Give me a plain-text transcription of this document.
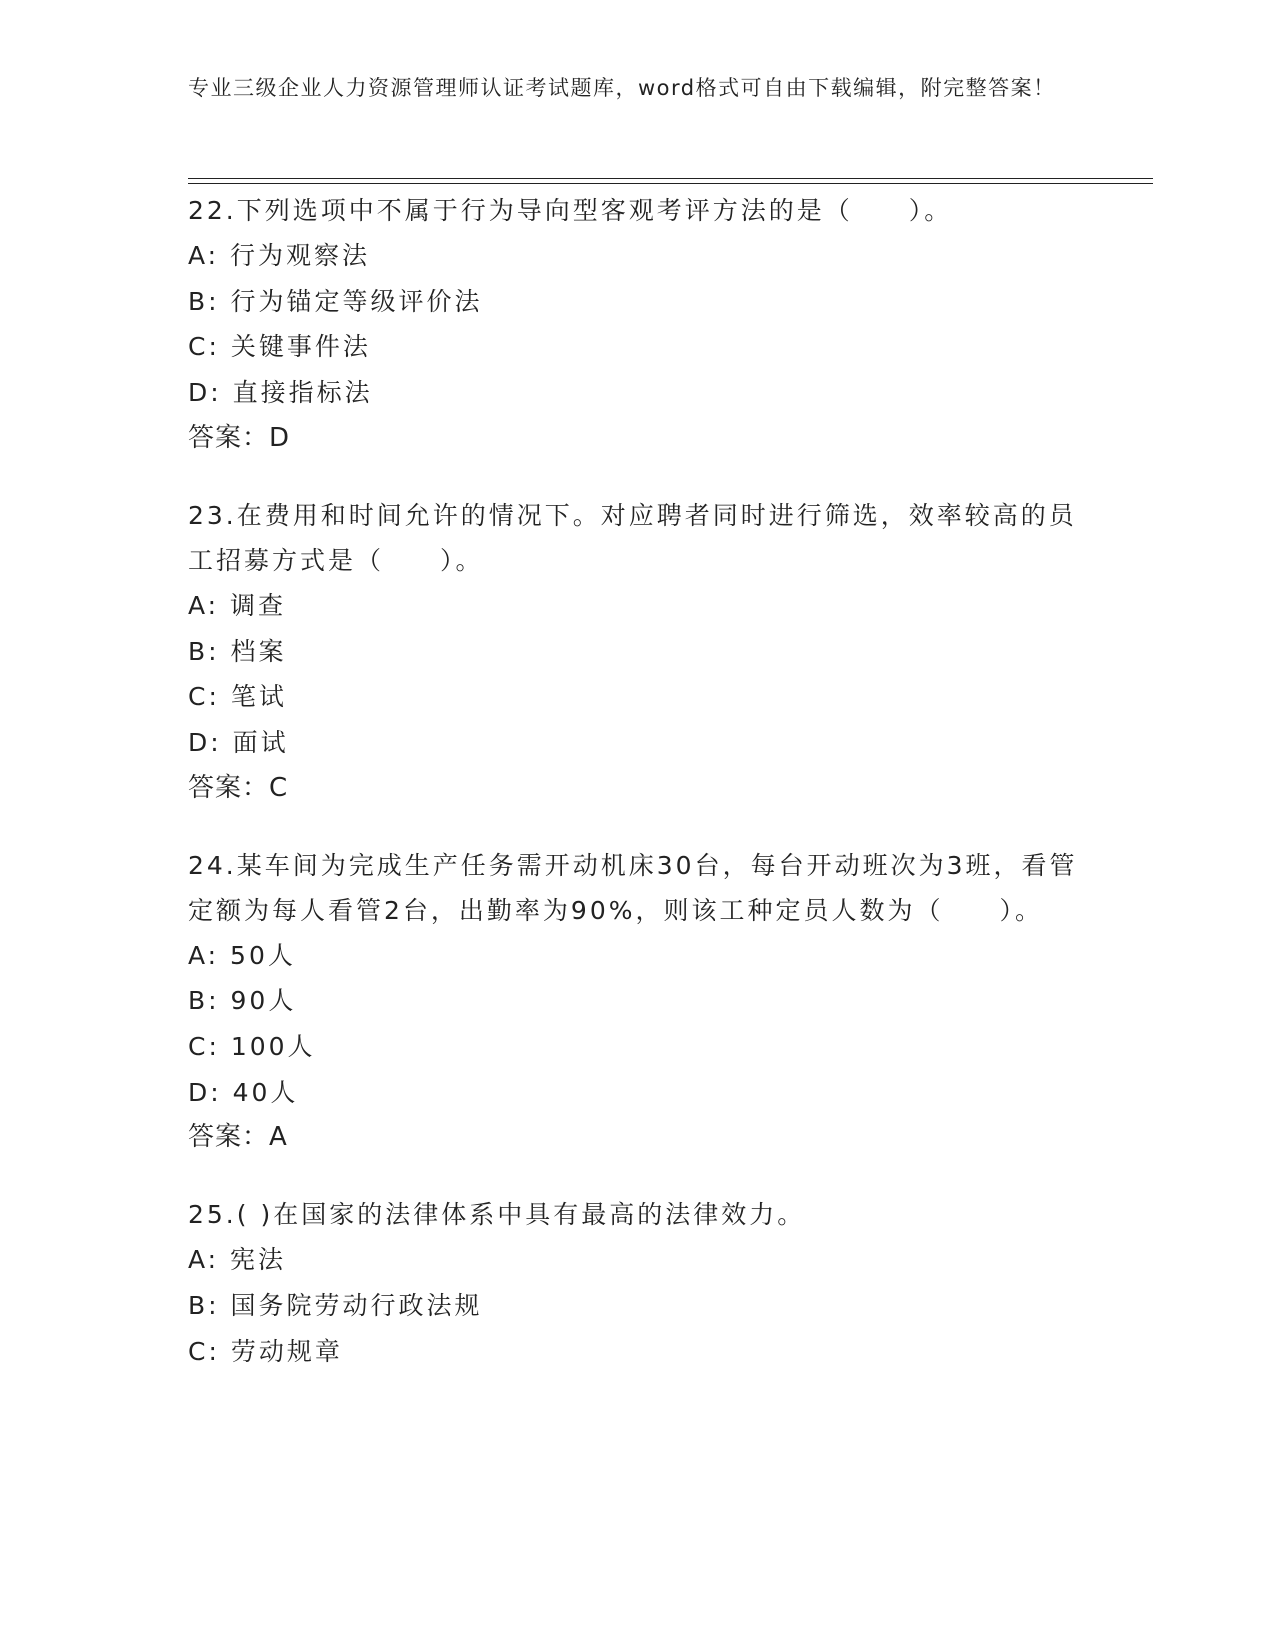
专业三级企业人力资源管理师认证考试题库，word格式可自由下载编辑，附完整答案！

22.下列选项中不属于行为导向型客观考评方法的是（　　）。

A: 行为观察法

B: 行为锚定等级评价法

C: 关键事件法

D: 直接指标法

答案：D

23.在费用和时间允许的情况下。对应聘者同时进行筛选，效率较高的员工招募方式是（　　）。

A: 调查

B: 档案

C: 笔试

D: 面试

答案：C

24.某车间为完成生产任务需开动机床30台，每台开动班次为3班，看管定额为每人看管2台，出勤率为90%，则该工种定员人数为（　　）。

A: 50人

B: 90人

C: 100人

D: 40人

答案：A

25.( )在国家的法律体系中具有最高的法律效力。

A: 宪法

B: 国务院劳动行政法规

C: 劳动规章
